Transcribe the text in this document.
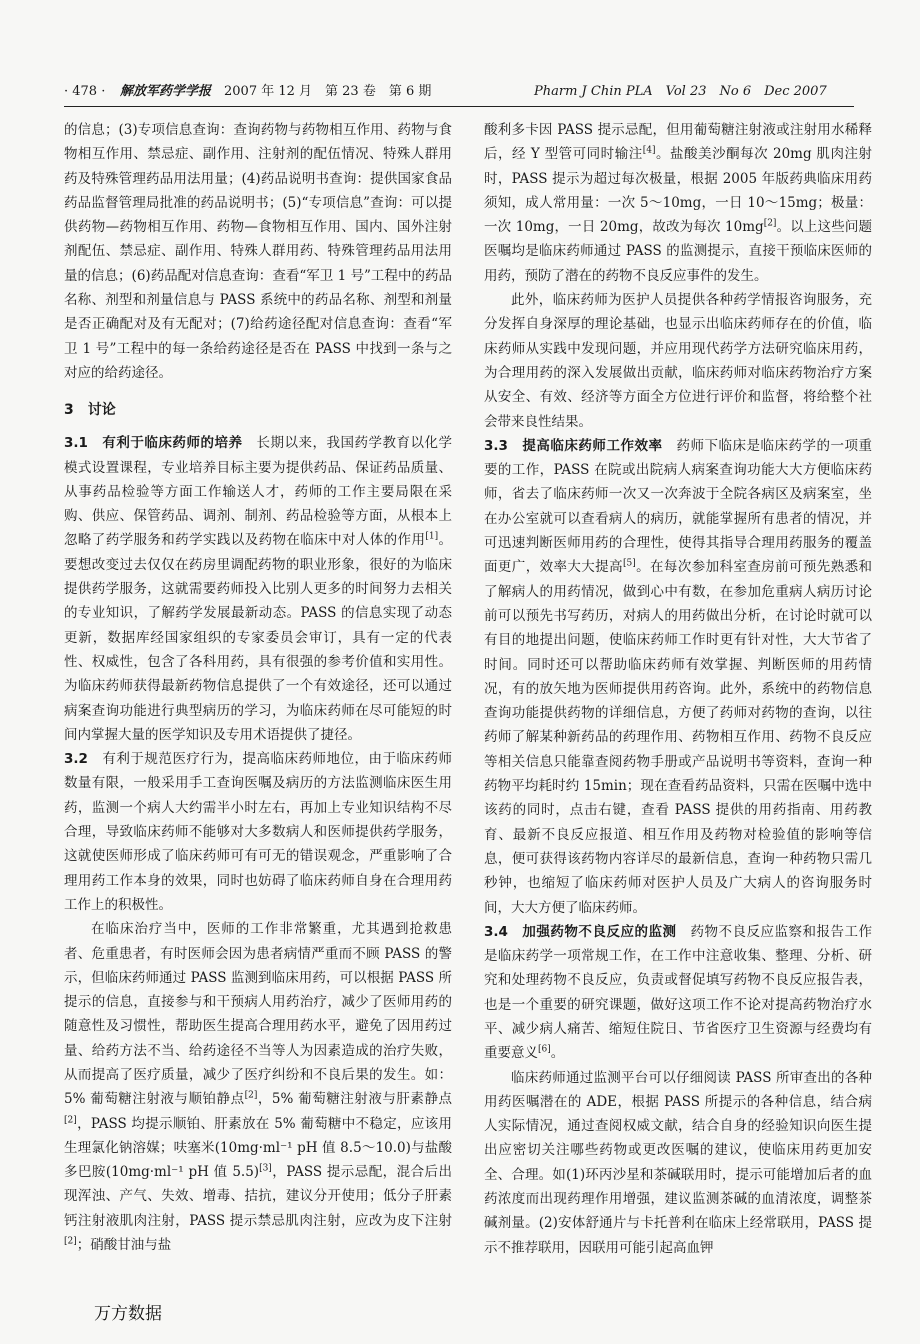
· 478 · 解放军药学学报 2007 年 12 月　第 23 卷　第 6 期	Pharm J Chin PLA　Vol 23　No 6　Dec 2007

的信息；(3)专项信息查询：查询药物与药物相互作用、药物与食物相互作用、禁忌症、副作用、注射剂的配伍情况、特殊人群用药及特殊管理药品用法用量；(4)药品说明书查询：提供国家食品药品监督管理局批准的药品说明书；(5)“专项信息”查询：可以提供药物—药物相互作用、药物—食物相互作用、国内、国外注射剂配伍、禁忌症、副作用、特殊人群用药、特殊管理药品用法用量的信息；(6)药品配对信息查询：查看“军卫 1 号”工程中的药品名称、剂型和剂量信息与 PASS 系统中的药品名称、剂型和剂量是否正确配对及有无配对；(7)给药途径配对信息查询：查看“军卫 1 号”工程中的每一条给药途径是否在 PASS 中找到一条与之对应的给药途径。

3　讨论

3.1　有利于临床药师的培养　长期以来，我国药学教育以化学模式设置课程，专业培养目标主要为提供药品、保证药品质量、从事药品检验等方面工作输送人才，药师的工作主要局限在采购、供应、保管药品、调剂、制剂、药品检验等方面，从根本上忽略了药学服务和药学实践以及药物在临床中对人体的作用[1]。要想改变过去仅仅在药房里调配药物的职业形象，很好的为临床提供药学服务，这就需要药师投入比别人更多的时间努力去相关的专业知识，了解药学发展最新动态。PASS 的信息实现了动态更新，数据库经国家组织的专家委员会审订，具有一定的代表性、权威性，包含了各科用药，具有很强的参考价值和实用性。为临床药师获得最新药物信息提供了一个有效途径，还可以通过病案查询功能进行典型病历的学习，为临床药师在尽可能短的时间内掌握大量的医学知识及专用术语提供了捷径。

3.2　有利于规范医疗行为，提高临床药师地位，由于临床药师数量有限，一般采用手工查询医嘱及病历的方法监测临床医生用药，监测一个病人大约需半小时左右，再加上专业知识结构不尽合理，导致临床药师不能够对大多数病人和医师提供药学服务，这就使医师形成了临床药师可有可无的错误观念，严重影响了合理用药工作本身的效果，同时也妨碍了临床药师自身在合理用药工作上的积极性。

在临床治疗当中，医师的工作非常繁重，尤其遇到抢救患者、危重患者，有时医师会因为患者病情严重而不顾 PASS 的警示，但临床药师通过 PASS 监测到临床用药，可以根据 PASS 所提示的信息，直接参与和干预病人用药治疗，减少了医师用药的随意性及习惯性，帮助医生提高合理用药水平，避免了因用药过量、给药方法不当、给药途径不当等人为因素造成的治疗失败，从而提高了医疗质量，减少了医疗纠纷和不良后果的发生。如：5% 葡萄糖注射液与顺铂静点[2]，5% 葡萄糖注射液与肝素静点[2]，PASS 均提示顺铂、肝素放在 5% 葡萄糖中不稳定，应该用生理氯化钠溶媒；呋塞米(10mg·ml⁻¹ pH 值 8.5～10.0)与盐酸多巴胺(10mg·ml⁻¹ pH 值 5.5)[3]，PASS 提示忌配，混合后出现浑浊、产气、失效、增毒、拮抗，建议分开使用；低分子肝素钙注射液肌肉注射，PASS 提示禁忌肌肉注射，应改为皮下注射[2]；硝酸甘油与盐

酸利多卡因 PASS 提示忌配，但用葡萄糖注射液或注射用水稀释后，经 Y 型管可同时输注[4]。盐酸美沙酮每次 20mg 肌肉注射时，PASS 提示为超过每次极量，根据 2005 年版药典临床用药须知，成人常用量：一次 5～10mg，一日 10～15mg；极量：一次 10mg，一日 20mg，故改为每次 10mg[2]。以上这些问题医嘱均是临床药师通过 PASS 的监测提示，直接干预临床医师的用药，预防了潜在的药物不良反应事件的发生。

此外，临床药师为医护人员提供各种药学情报咨询服务，充分发挥自身深厚的理论基础，也显示出临床药师存在的价值，临床药师从实践中发现问题，并应用现代药学方法研究临床用药，为合理用药的深入发展做出贡献，临床药师对临床药物治疗方案从安全、有效、经济等方面全方位进行评价和监督，将给整个社会带来良性结果。

3.3　提高临床药师工作效率　药师下临床是临床药学的一项重要的工作，PASS 在院或出院病人病案查询功能大大方便临床药师，省去了临床药师一次又一次奔波于全院各病区及病案室，坐在办公室就可以查看病人的病历，就能掌握所有患者的情况，并可迅速判断医师用药的合理性，使得其指导合理用药服务的覆盖面更广，效率大大提高[5]。在每次参加科室查房前可预先熟悉和了解病人的用药情况，做到心中有数，在参加危重病人病历讨论前可以预先书写药历，对病人的用药做出分析，在讨论时就可以有目的地提出问题，使临床药师工作时更有针对性，大大节省了时间。同时还可以帮助临床药师有效掌握、判断医师的用药情况，有的放矢地为医师提供用药咨询。此外，系统中的药物信息查询功能提供药物的详细信息，方便了药师对药物的查询，以往药师了解某种新药品的药理作用、药物相互作用、药物不良反应等相关信息只能靠查阅药物手册或产品说明书等资料，查询一种药物平均耗时约 15min；现在查看药品资料，只需在医嘱中选中该药的同时，点击右键，查看 PASS 提供的用药指南、用药教育、最新不良反应报道、相互作用及药物对检验值的影响等信息，便可获得该药物内容详尽的最新信息，查询一种药物只需几秒钟，也缩短了临床药师对医护人员及广大病人的咨询服务时间，大大方便了临床药师。

3.4　加强药物不良反应的监测　药物不良反应监察和报告工作是临床药学一项常规工作，在工作中注意收集、整理、分析、研究和处理药物不良反应，负责或督促填写药物不良反应报告表，也是一个重要的研究课题，做好这项工作不论对提高药物治疗水平、减少病人痛苦、缩短住院日、节省医疗卫生资源与经费均有重要意义[6]。

临床药师通过监测平台可以仔细阅读 PASS 所审查出的各种用药医嘱潜在的 ADE，根据 PASS 所提示的各种信息，结合病人实际情况，通过查阅权威文献，结合自身的经验知识向医生提出应密切关注哪些药物或更改医嘱的建议，使临床用药更加安全、合理。如(1)环丙沙星和茶碱联用时，提示可能增加后者的血药浓度而出现药理作用增强，建议监测茶碱的血清浓度，调整茶碱剂量。(2)安体舒通片与卡托普利在临床上经常联用，PASS 提示不推荐联用，因联用可能引起高血钾

万方数据
